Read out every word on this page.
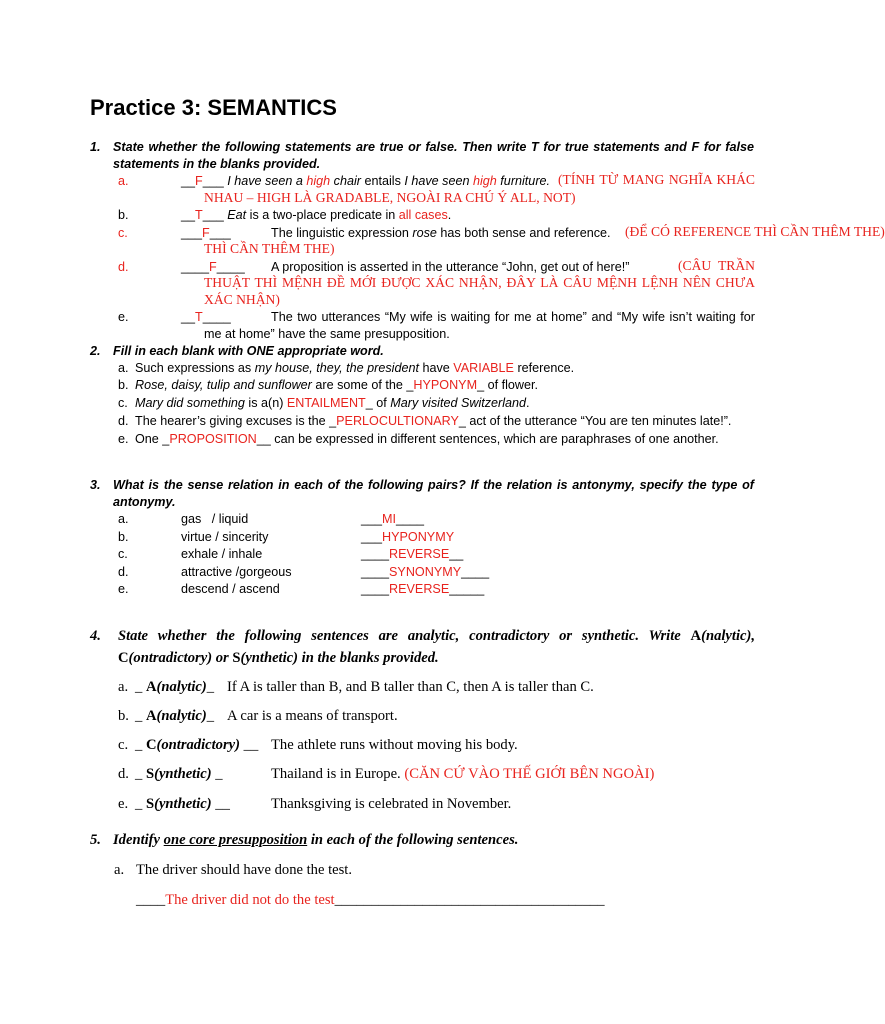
Practice 3: SEMANTICS
1. State whether the following statements are true or false. Then write T for true statements and F for false statements in the blanks provided.
a.	__F___ I have seen a high chair entails I have seen high furniture. (TÍNH TỪ MANG NGHĨA KHÁC NHAU – HIGH LÀ GRADABLE, NGOÀI RA CHÚ Ý ALL, NOT)
b.	__T___ Eat is a two-place predicate in all cases.
c.	___F___	The linguistic expression rose has both sense and reference. (ĐỂ CÓ REFERENCE THÌ CẦN THÊM THE)
THÌ CẦN THÊM THE)
d.	____F____ A proposition is asserted in the utterance “John, get out of here!”	(CÂU TRẦN THUẬT THÌ MỆNH ĐỀ MỚI ĐƯỢC XÁC NHẬN, ĐÂY LÀ CÂU MỆNH LỆNH NÊN CHƯA XÁC NHẬN)
e.	__T____	The two utterances “My wife is waiting for me at home” and “My wife isn’t waiting for me at home” have the same presupposition.
2. Fill in each blank with ONE appropriate word.
a. Such expressions as my house, they, the president have VARIABLE reference.
b. Rose, daisy, tulip and sunflower are some of the _HYPONYM_ of flower.
c. Mary did something is a(n) ENTAILMENT_ of Mary visited Switzerland.
d. The hearer’s giving excuses is the _PERLOCULTIONARY_ act of the utterance “You are ten minutes late!”.
e. One _PROPOSITION__ can be expressed in different sentences, which are paraphrases of one another.
3. What is the sense relation in each of the following pairs? If the relation is antonymy, specify the type of antonymy.
a.	gas   / liquid	___MI____
b.	virtue / sincerity	___HYPONYMY
c.	exhale / inhale	____REVERSE__
d.	attractive /gorgeous	____SYNONYMY____
e.	descend / ascend	____REVERSE_____
4. State whether the following sentences are analytic, contradictory or synthetic. Write A(nalytic), C(ontradictory) or S(ynthetic) in the blanks provided.
a. _ A(nalytic)_ If A is taller than B, and B taller than C, then A is taller than C.
b. _ A(nalytic)_ A car is a means of transport.
c. _ C(ontradictory) __ The athlete runs without moving his body.
d. _ S(ynthetic) _	Thailand is in Europe. (CĂN CỨ VÀO THẾ GIỚI BÊN NGOÀI)
e. _ S(ynthetic) __	Thanksgiving is celebrated in November.
5. Identify one core presupposition in each of the following sentences.
a. The driver should have done the test.
____The driver did not do the test_____________________________________
